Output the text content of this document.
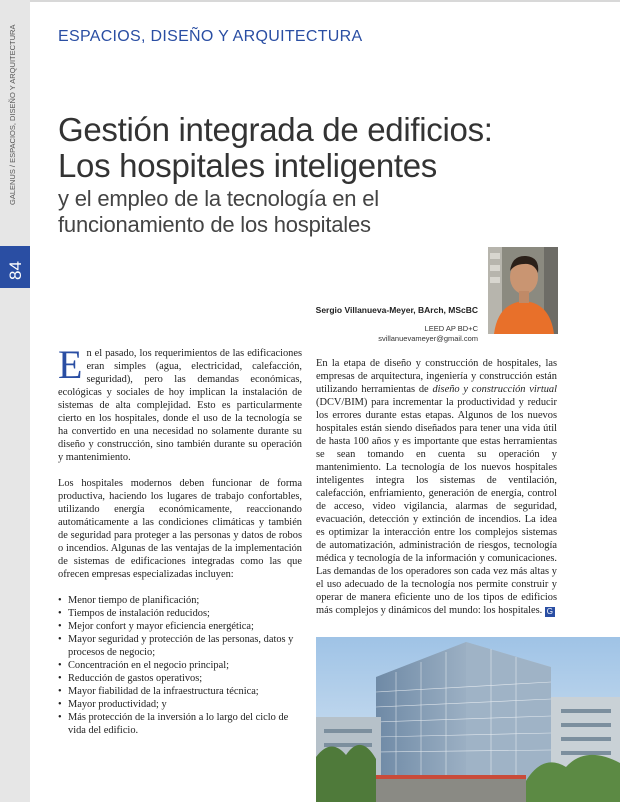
GALENUS / ESPACIOS, DISEÑO Y ARQUITECTURA
84
ESPACIOS, DISEÑO Y ARQUITECTURA
Gestión integrada de edificios:
Los hospitales inteligentes
y el empleo de la tecnología en el
funcionamiento de los hospitales
Sergio Villanueva-Meyer, BArch, MScBC
LEED AP BD+C
svillanuevameyer@gmail.com

En el pasado, los requerimientos de las edificaciones eran simples (agua, electricidad, calefacción, seguridad), pero las demandas económicas, ecológicas y sociales de hoy implican la instalación de sistemas de alta complejidad. Esto es particularmente cierto en los hospitales, donde el uso de la tecnología se ha convertido en una necesidad no solamente durante su diseño y construcción, sino también durante su operación y mantenimiento.

Los hospitales modernos deben funcionar de forma productiva, haciendo los lugares de trabajo confortables, utilizando energía económicamente, reaccionando automáticamente a las condiciones climáticas y también de seguridad para proteger a las personas y datos de robos o incendios. Algunas de las ventajas de la implementación de sistemas de edificaciones integradas como las que ofrecen empresas especializadas incluyen:

• Menor tiempo de planificación;
• Tiempos de instalación reducidos;
• Mejor confort y mayor eficiencia energética;
• Mayor seguridad y protección de las personas, datos y procesos de negocio;
• Concentración en el negocio principal;
• Reducción de gastos operativos;
• Mayor fiabilidad de la infraestructura técnica;
• Mayor productividad; y
• Más protección de la inversión a lo largo del ciclo de vida del edificio.

En la etapa de diseño y construcción de hospitales, las empresas de arquitectura, ingeniería y construcción están utilizando herramientas de diseño y construcción virtual (DCV/BIM) para incrementar la productividad y reducir los errores durante estas etapas. Algunos de los nuevos hospitales están siendo diseñados para tener una vida útil de hasta 100 años y es importante que estas herramientas se sean tomando en cuenta su operación y mantenimiento. La tecnología de los nuevos hospitales inteligentes integra los sistemas de ventilación, calefacción, enfriamiento, generación de energía, control de acceso, video vigilancia, alarmas de seguridad, evacuación, detección y extinción de incendios. La idea es optimizar la interacción entre los complejos sistemas de automatización, administración de riesgos, tecnología médica y tecnología de la información y comunicaciones. Las demandas de los operadores son cada vez más altas y el uso adecuado de la tecnología nos permite construir y operar de manera eficiente uno de los tipos de edificios más complejos y dinámicos del mundo: los hospitales. G
